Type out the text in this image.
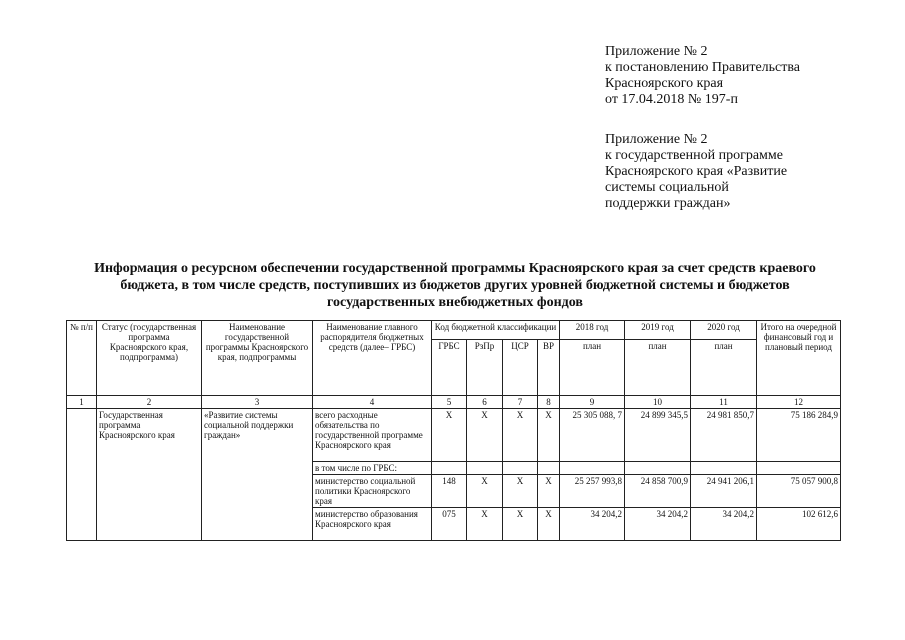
Приложение № 2
к постановлению Правительства
Красноярского края
от 17.04.2018 № 197-п
Приложение № 2
к государственной программе
Красноярского края «Развитие
системы социальной
поддержки граждан»
Информация о ресурсном обеспечении государственной программы Красноярского края за счет средств краевого
бюджета, в том числе средств, поступивших из бюджетов других уровней бюджетной системы и бюджетов
государственных внебюджетных фондов
№ п/п	Статус (государственная программа Красноярского края, подпрограмма)	Наименование государственной программы Красноярского края, подпрограммы	Наименование главного распорядителя бюджетных средств (далее– ГРБС)	Код бюджетной классификации				2018 год	2019 год	2020 год	Итого на очередной финансовый год и плановый период
				ГРБС	РзПр	ЦСР	ВР	план	план	план	
1	2	3	4	5	6	7	8	9	10	11	12
	Государственная программа Красноярского края	«Развитие системы социальной поддержки граждан»	всего расходные обязательства по государственной программе Красноярского края	Х	Х	Х	Х	25 305 088, 7	24 899 345,5	24 981 850,7	75 186 284,9
			в том числе по ГРБС:								
			министерство социальной политики Красноярского края	148	Х	Х	Х	25 257 993,8	24 858 700,9	24 941 206,1	75 057 900,8
			министерство образования Красноярского края	075	Х	Х	Х	34 204,2	34 204,2	34 204,2	102 612,6
